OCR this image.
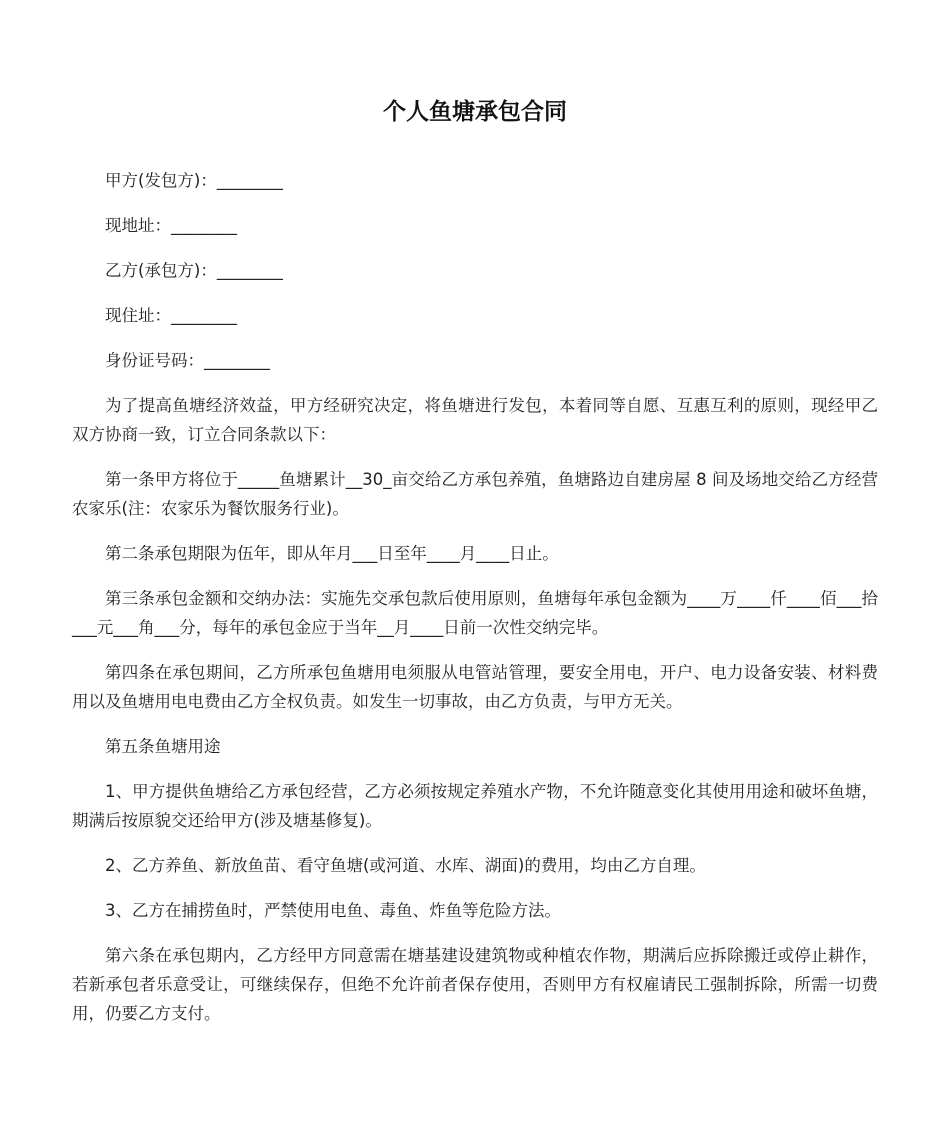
个人鱼塘承包合同

甲方(发包方)：________

现地址：________

乙方(承包方)：________

现住址：________

身份证号码：________

为了提高鱼塘经济效益，甲方经研究决定，将鱼塘进行发包，本着同等自愿、互惠互利的原则，现经甲乙双方协商一致，订立合同条款以下：

第一条甲方将位于_____鱼塘累计__30_亩交给乙方承包养殖，鱼塘路边自建房屋 8 间及场地交给乙方经营农家乐(注：农家乐为餐饮服务行业)。

第二条承包期限为伍年，即从年月___日至年____月____日止。

第三条承包金额和交纳办法：实施先交承包款后使用原则，鱼塘每年承包金额为____万____仟____佰___拾___元___角___分，每年的承包金应于当年__月____日前一次性交纳完毕。

第四条在承包期间，乙方所承包鱼塘用电须服从电管站管理，要安全用电，开户、电力设备安装、材料费用以及鱼塘用电电费由乙方全权负责。如发生一切事故，由乙方负责，与甲方无关。

第五条鱼塘用途

1、甲方提供鱼塘给乙方承包经营，乙方必须按规定养殖水产物，不允许随意变化其使用用途和破坏鱼塘，期满后按原貌交还给甲方(涉及塘基修复)。

2、乙方养鱼、新放鱼苗、看守鱼塘(或河道、水库、湖面)的费用，均由乙方自理。

3、乙方在捕捞鱼时，严禁使用电鱼、毒鱼、炸鱼等危险方法。

第六条在承包期内，乙方经甲方同意需在塘基建设建筑物或种植农作物，期满后应拆除搬迁或停止耕作，若新承包者乐意受让，可继续保存，但绝不允许前者保存使用，否则甲方有权雇请民工强制拆除，所需一切费用，仍要乙方支付。
